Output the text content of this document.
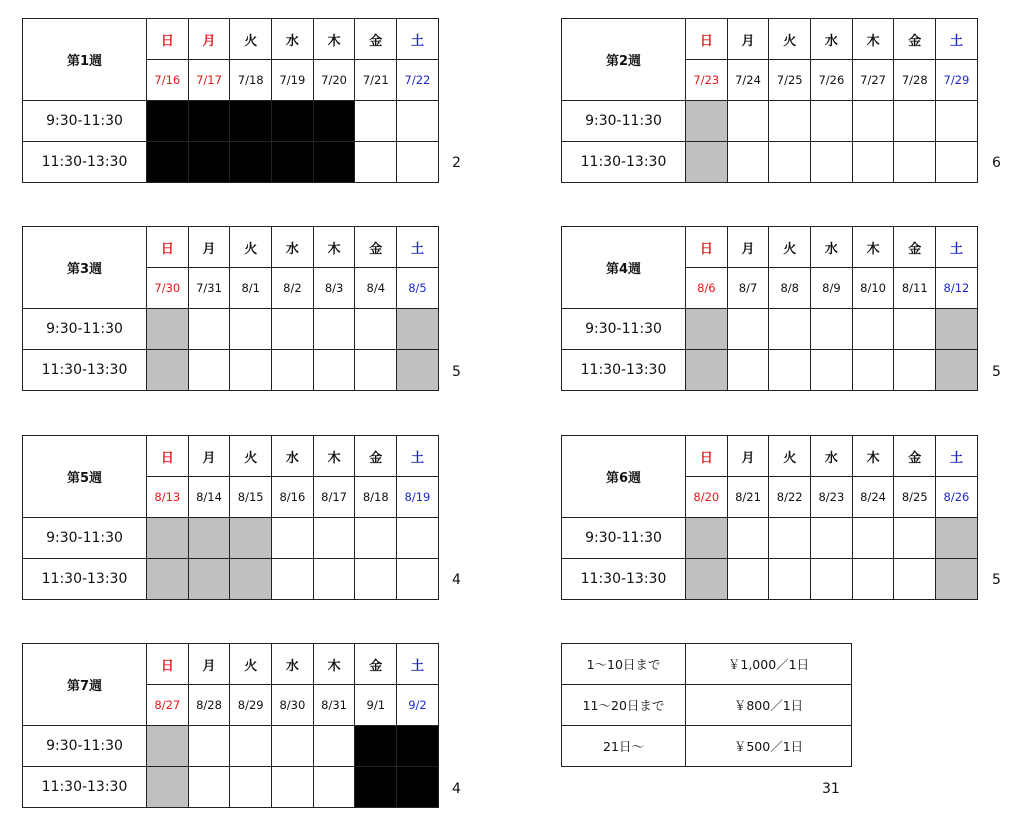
第1週	日	月	火	水	木	金	土
	7/16	7/17	7/18	7/19	7/20	7/21	7/22
9:30-11:30							
11:30-13:30								2
第2週	日	月	火	水	木	金	土
	7/23	7/24	7/25	7/26	7/27	7/28	7/29
9:30-11:30							
11:30-13:30								6
第3週	日	月	火	水	木	金	土
	7/30	7/31	8/1	8/2	8/3	8/4	8/5
9:30-11:30							
11:30-13:30								5
第4週	日	月	火	水	木	金	土
	8/6	8/7	8/8	8/9	8/10	8/11	8/12
9:30-11:30							
11:30-13:30								5
第5週	日	月	火	水	木	金	土
	8/13	8/14	8/15	8/16	8/17	8/18	8/19
9:30-11:30							
11:30-13:30								4
第6週	日	月	火	水	木	金	土
	8/20	8/21	8/22	8/23	8/24	8/25	8/26
9:30-11:30							
11:30-13:30								5
第7週	日	月	火	水	木	金	土
	8/27	8/28	8/29	8/30	8/31	9/1	9/2
9:30-11:30							
11:30-13:30								4
1～10日まで	￥1,000／1日
11～20日まで	￥800／1日
21日～	￥500／1日
31
